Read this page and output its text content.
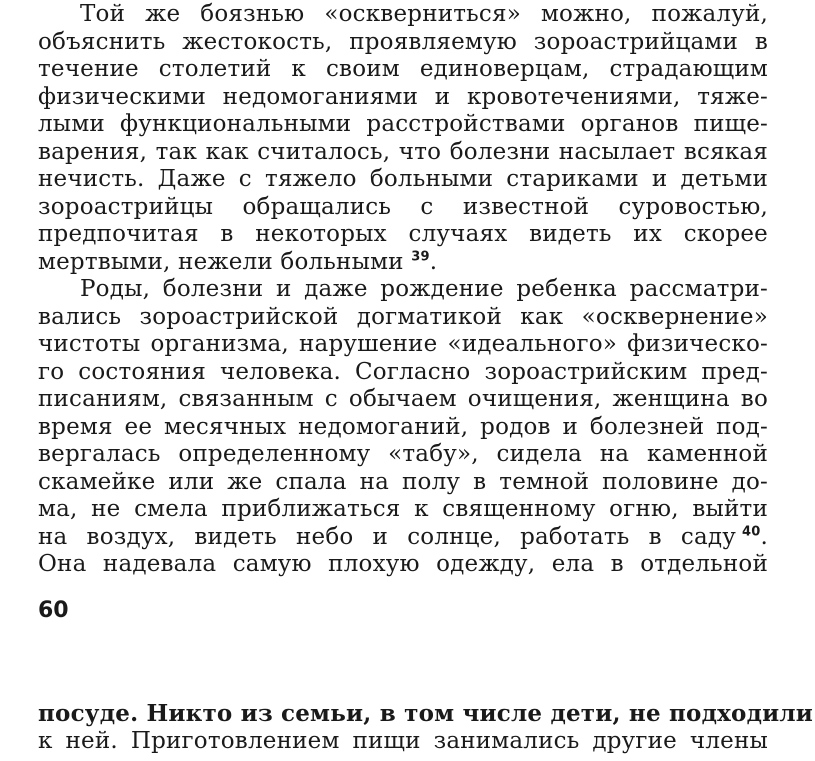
Той же боязнью «оскверниться» можно, пожалуй,
объяснить жестокость, проявляемую зороастрийцами в
течение столетий к своим единоверцам, страдающим
физическими недомоганиями и кровотечениями, тяже-
лыми функциональными расстройствами органов пище-
варения, так как считалось, что болезни насылает всякая
нечисть. Даже с тяжело больными стариками и детьми
зороастрийцы обращались с известной суровостью,
предпочитая в некоторых случаях видеть их скорее
мертвыми, нежели больными $^{39}$.
Роды, болезни и даже рождение ребенка рассматри-
вались зороастрийской догматикой как «осквернение»
чистоты организма, нарушение «идеального» физическо-
го состояния человека. Согласно зороастрийским пред-
писаниям, связанным с обычаем очищения, женщина во
время ее месячных недомоганий, родов и болезней под-
вергалась определенному «табу», сидела на каменной
скамейке или же спала на полу в темной половине до-
ма, не смела приближаться к священному огню, выйти
на воздух, видеть небо и солнце, работать в саду $^{40}$.
Она надевала самую плохую одежду, ела в отдельной
60
посуде. Никто из семьи, в том числе дети, не подходили
к ней. Приготовлением пищи занимались другие члены
